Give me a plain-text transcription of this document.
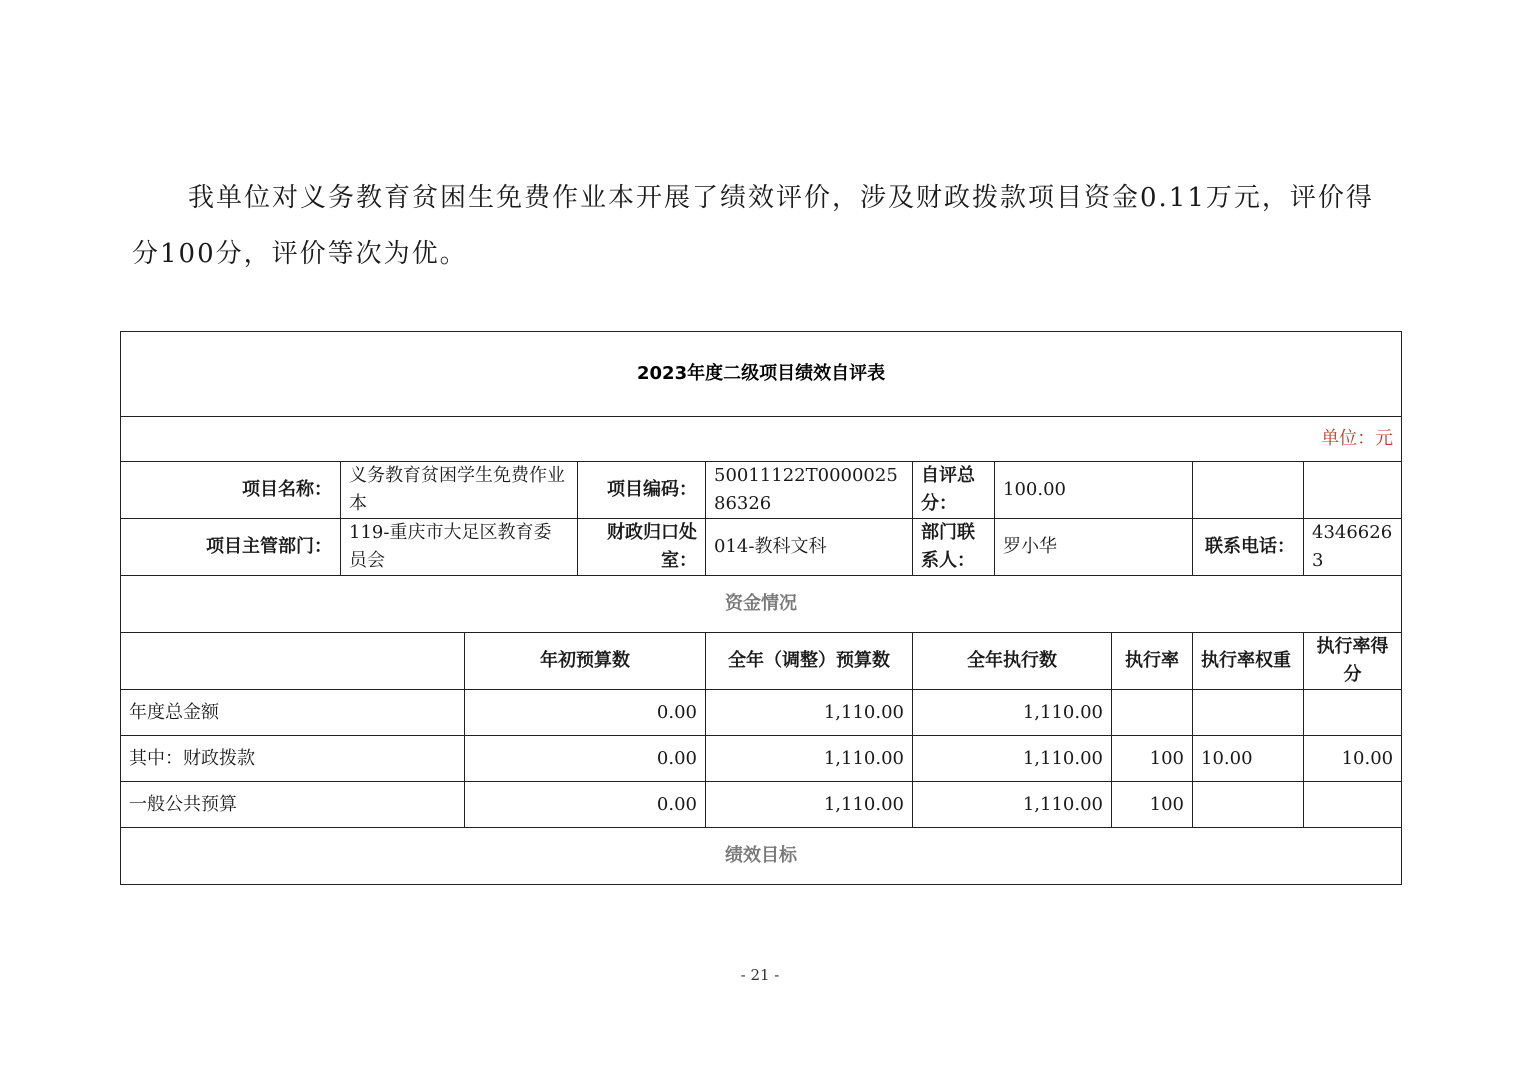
我单位对义务教育贫困生免费作业本开展了绩效评价，涉及财政拨款项目资金0.11万元，评价得分100分，评价等次为优。

2023年度二级项目绩效自评表									
单位：元									
项目名称：	义务教育贫困学生免费作业本		项目编码：	50011122T000002586326	自评总分：	100.00			
项目主管部门：	119-重庆市大足区教育委员会		财政归口处室：	014-教科文科	部门联系人：	罗小华		联系电话：	43466263
资金情况									
		年初预算数		全年（调整）预算数	全年执行数		执行率	执行率权重	执行率得分
年度总金额		0.00		1,110.00	1,110.00				
其中：财政拨款		0.00		1,110.00	1,110.00		100	10.00	10.00
一般公共预算		0.00		1,110.00	1,110.00		100		
绩效目标									
- 21 -
